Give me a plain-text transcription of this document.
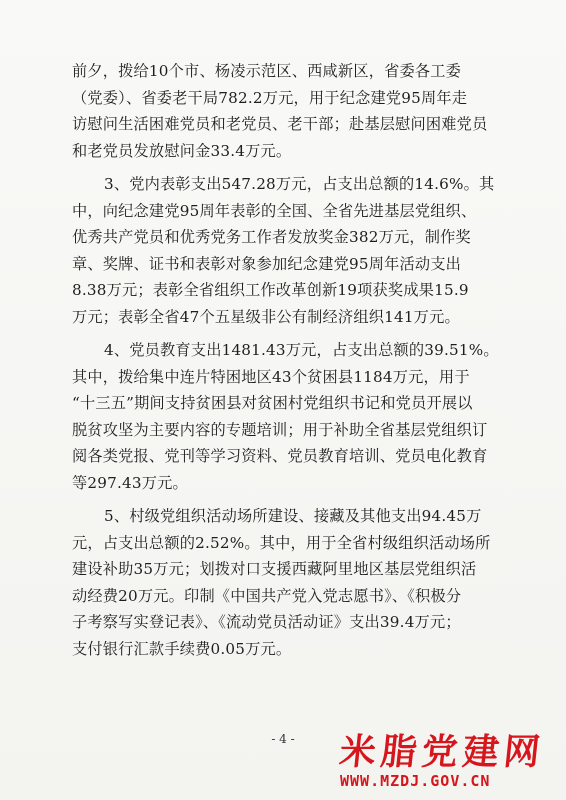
前夕，拨给10个市、杨凌示范区、西咸新区，省委各工委
（党委）、省委老干局782.2万元，用于纪念建党95周年走
访慰问生活困难党员和老党员、老干部；赴基层慰问困难党员
和老党员发放慰问金33.4万元。
3、党内表彰支出547.28万元，占支出总额的14.6%。其
中，向纪念建党95周年表彰的全国、全省先进基层党组织、
优秀共产党员和优秀党务工作者发放奖金382万元，制作奖
章、奖牌、证书和表彰对象参加纪念建党95周年活动支出
8.38万元；表彰全省组织工作改革创新19项获奖成果15.9
万元；表彰全省47个五星级非公有制经济组织141万元。
4、党员教育支出1481.43万元，占支出总额的39.51%。
其中，拨给集中连片特困地区43个贫困县1184万元，用于
“十三五”期间支持贫困县对贫困村党组织书记和党员开展以
脱贫攻坚为主要内容的专题培训；用于补助全省基层党组织订
阅各类党报、党刊等学习资料、党员教育培训、党员电化教育
等297.43万元。
5、村级党组织活动场所建设、接藏及其他支出94.45万
元，占支出总额的2.52%。其中，用于全省村级组织活动场所
建设补助35万元；划拨对口支援西藏阿里地区基层党组织活
动经费20万元。印制《中国共产党入党志愿书》、《积极分
子考察写实登记表》、《流动党员活动证》支出39.4万元；
支付银行汇款手续费0.05万元。
- 4 -	米脂党建网
WWW.MZDJ.GOV.CN
